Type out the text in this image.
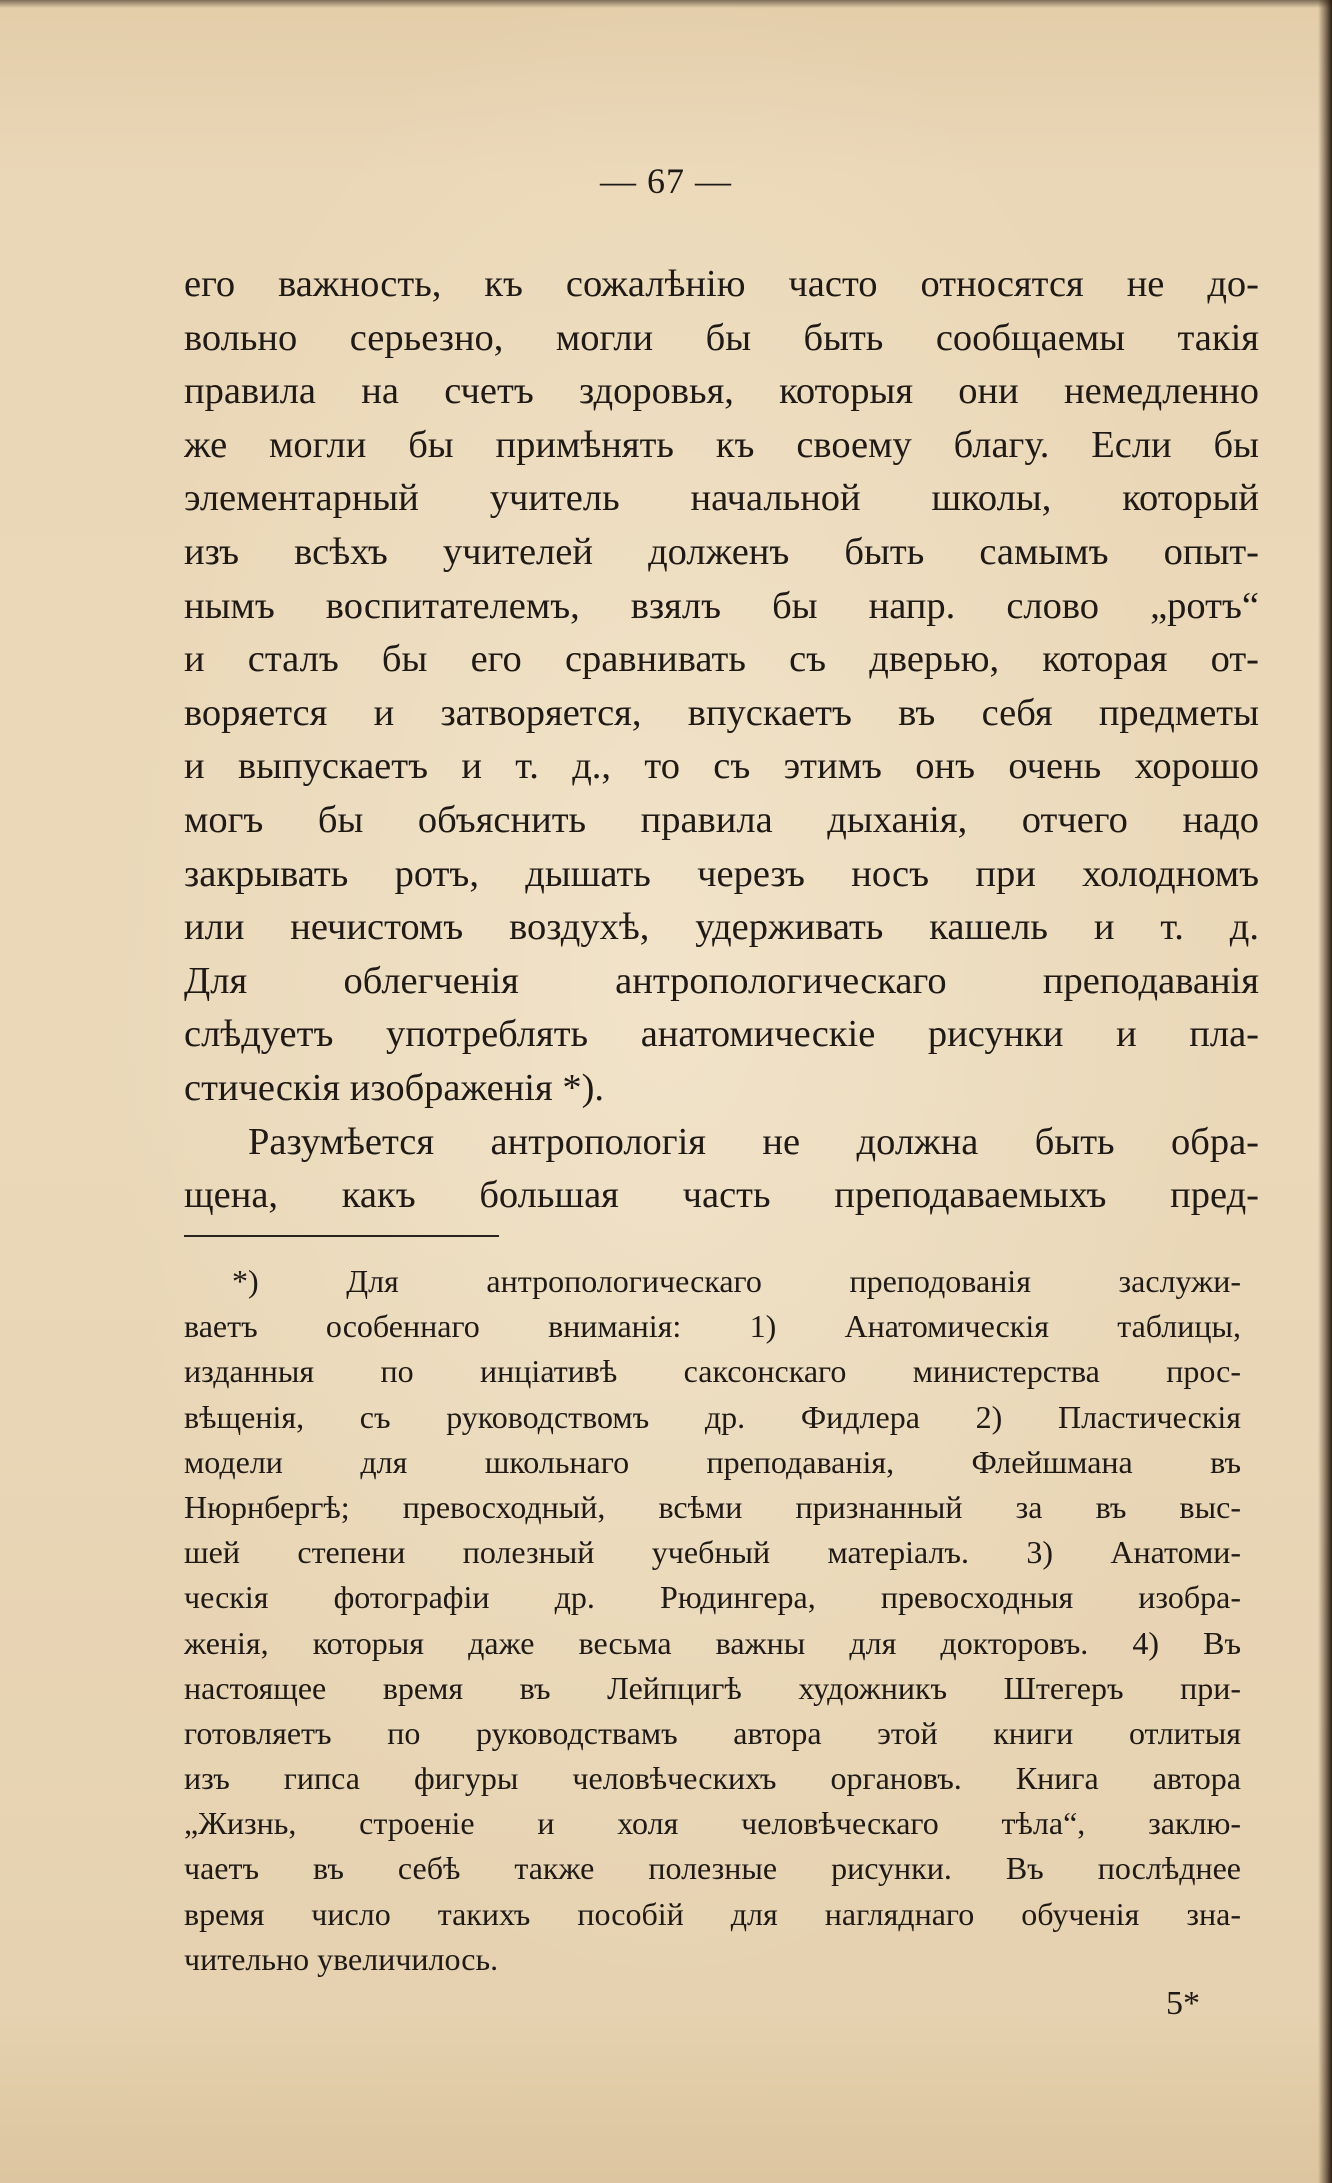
— 67 —
его важность, къ сожалѣнію часто относятся не до-
вольно серьезно, могли бы быть сообщаемы такія
правила на счетъ здоровья, которыя они немедленно
же могли бы примѣнять къ своему благу. Если бы
элементарный учитель начальной школы, который
изъ всѣхъ учителей долженъ быть самымъ опыт-
нымъ воспитателемъ, взялъ бы напр. слово „ротъ“
и сталъ бы его сравнивать съ дверью, которая от-
воряется и затворяется, впускаетъ въ себя предметы
и выпускаетъ и т. д., то съ этимъ онъ очень хорошо
могъ бы объяснить правила дыханія, отчего надо
закрывать ротъ, дышать черезъ носъ при холодномъ
или нечистомъ воздухѣ, удерживать кашель и т. д.
Для облегченія антропологическаго преподаванія
слѣдуетъ употреблять анатомическіе рисунки и пла-
стическія изображенія *).
Разумѣется антропологія не должна быть обра-
щена, какъ большая часть преподаваемыхъ пред-
*) Для антропологическаго преподованія заслужи-
ваетъ особеннаго вниманія: 1) Анатомическія таблицы,
изданныя по инціативѣ саксонскаго министерства прос-
вѣщенія, съ руководствомъ др. Фидлера 2) Пластическія
модели для школьнаго преподаванія, Флейшмана въ
Нюрнбергѣ; превосходный, всѣми признанный за въ выс-
шей степени полезный учебный матеріалъ. 3) Анатоми-
ческія фотографіи др. Рюдингера, превосходныя изобра-
женія, которыя даже весьма важны для докторовъ. 4) Въ
настоящее время въ Лейпцигѣ художникъ Штегеръ при-
готовляетъ по руководствамъ автора этой книги отлитыя
изъ гипса фигуры человѣческихъ органовъ. Книга автора
„Жизнь, строеніе и холя человѣческаго тѣла“, заклю-
чаетъ въ себѣ также полезные рисунки. Въ послѣднее
время число такихъ пособій для нагляднаго обученія зна-
чительно увеличилось.
5*
